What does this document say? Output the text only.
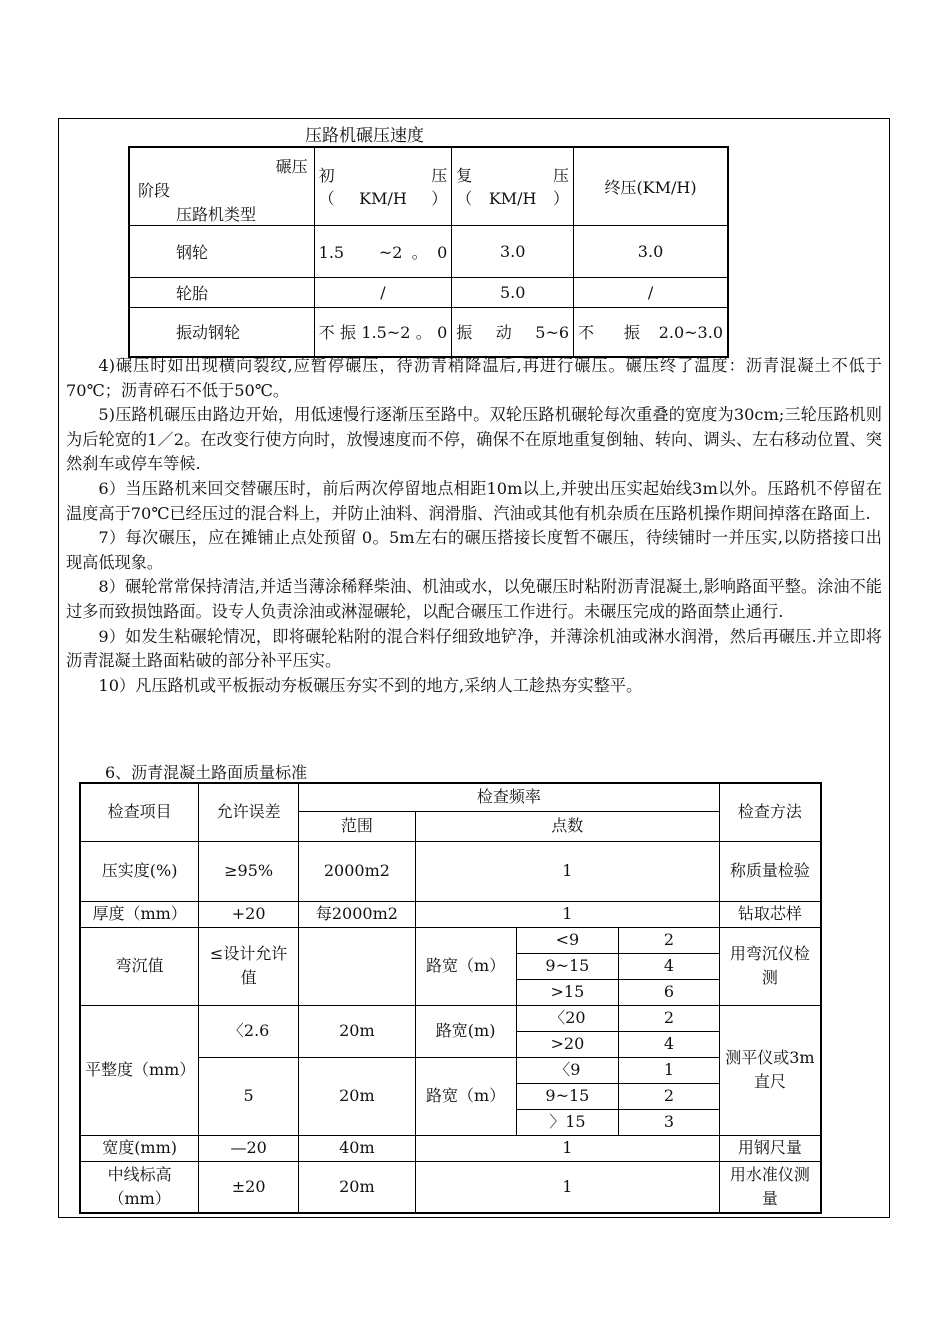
压路机碾压速度
碾压
阶段
压路机类型	初　　压（KM/H）	复　　压（KM/H）	终压(KM/H)
钢轮	1.5　~2。0	3.0	3.0
轮胎	/	5.0	/
振动钢轮	不振1.5~2。0	振 动 5~6	不　振 2.0~3.0

4)碾压时如出现横向裂纹,应暂停碾压，待沥青稍降温后,再进行碾压。碾压终了温度：沥青混凝土不低于70℃；沥青碎石不低于50℃。

5)压路机碾压由路边开始，用低速慢行逐渐压至路中。双轮压路机碾轮每次重叠的宽度为30cm;三轮压路机则为后轮宽的1／2。在改变行使方向时，放慢速度而不停，确保不在原地重复倒轴、转向、调头、左右移动位置、突然刹车或停车等候.

6）当压路机来回交替碾压时，前后两次停留地点相距10m以上,并驶出压实起始线3m以外。压路机不停留在温度高于70℃已经压过的混合料上，并防止油料、润滑脂、汽油或其他有机杂质在压路机操作期间掉落在路面上.

7）每次碾压，应在摊铺止点处预留 0。5m左右的碾压搭接长度暂不碾压，待续铺时一并压实,以防搭接口出现高低现象。

8）碾轮常常保持清洁,并适当薄涂稀释柴油、机油或水，以免碾压时粘附沥青混凝土,影响路面平整。涂油不能过多而致损蚀路面。设专人负责涂油或淋湿碾轮，以配合碾压工作进行。未碾压完成的路面禁止通行.

9）如发生粘碾轮情况，即将碾轮粘附的混合料仔细致地铲净，并薄涂机油或淋水润滑，然后再碾压.并立即将沥青混凝土路面粘破的部分补平压实。

10）凡压路机或平板振动夯板碾压夯实不到的地方,采纳人工趁热夯实整平。

6、沥青混凝土路面质量标准
检查项目	允许误差	检查频率				检查方法
		范围	点数			
压实度(%)	≥95%	2000m2	1			称质量检验
厚度（mm）	+20	每2000m2	1			钻取芯样
弯沉值	≤设计允许值		路宽（m）	<9	2	用弯沉仪检测
				9~15	4	
				>15	6	
平整度（mm）	〈2.6	20m	路宽(m)	〈20	2	测平仪或3m直尺
				>20	4	
	5	20m	路宽（m）	〈9	1	
				9~15	2	
				〉15	3	
宽度(mm)	—20	40m	1			用钢尺量
中线标高（mm）	±20	20m	1			用水准仪测量
